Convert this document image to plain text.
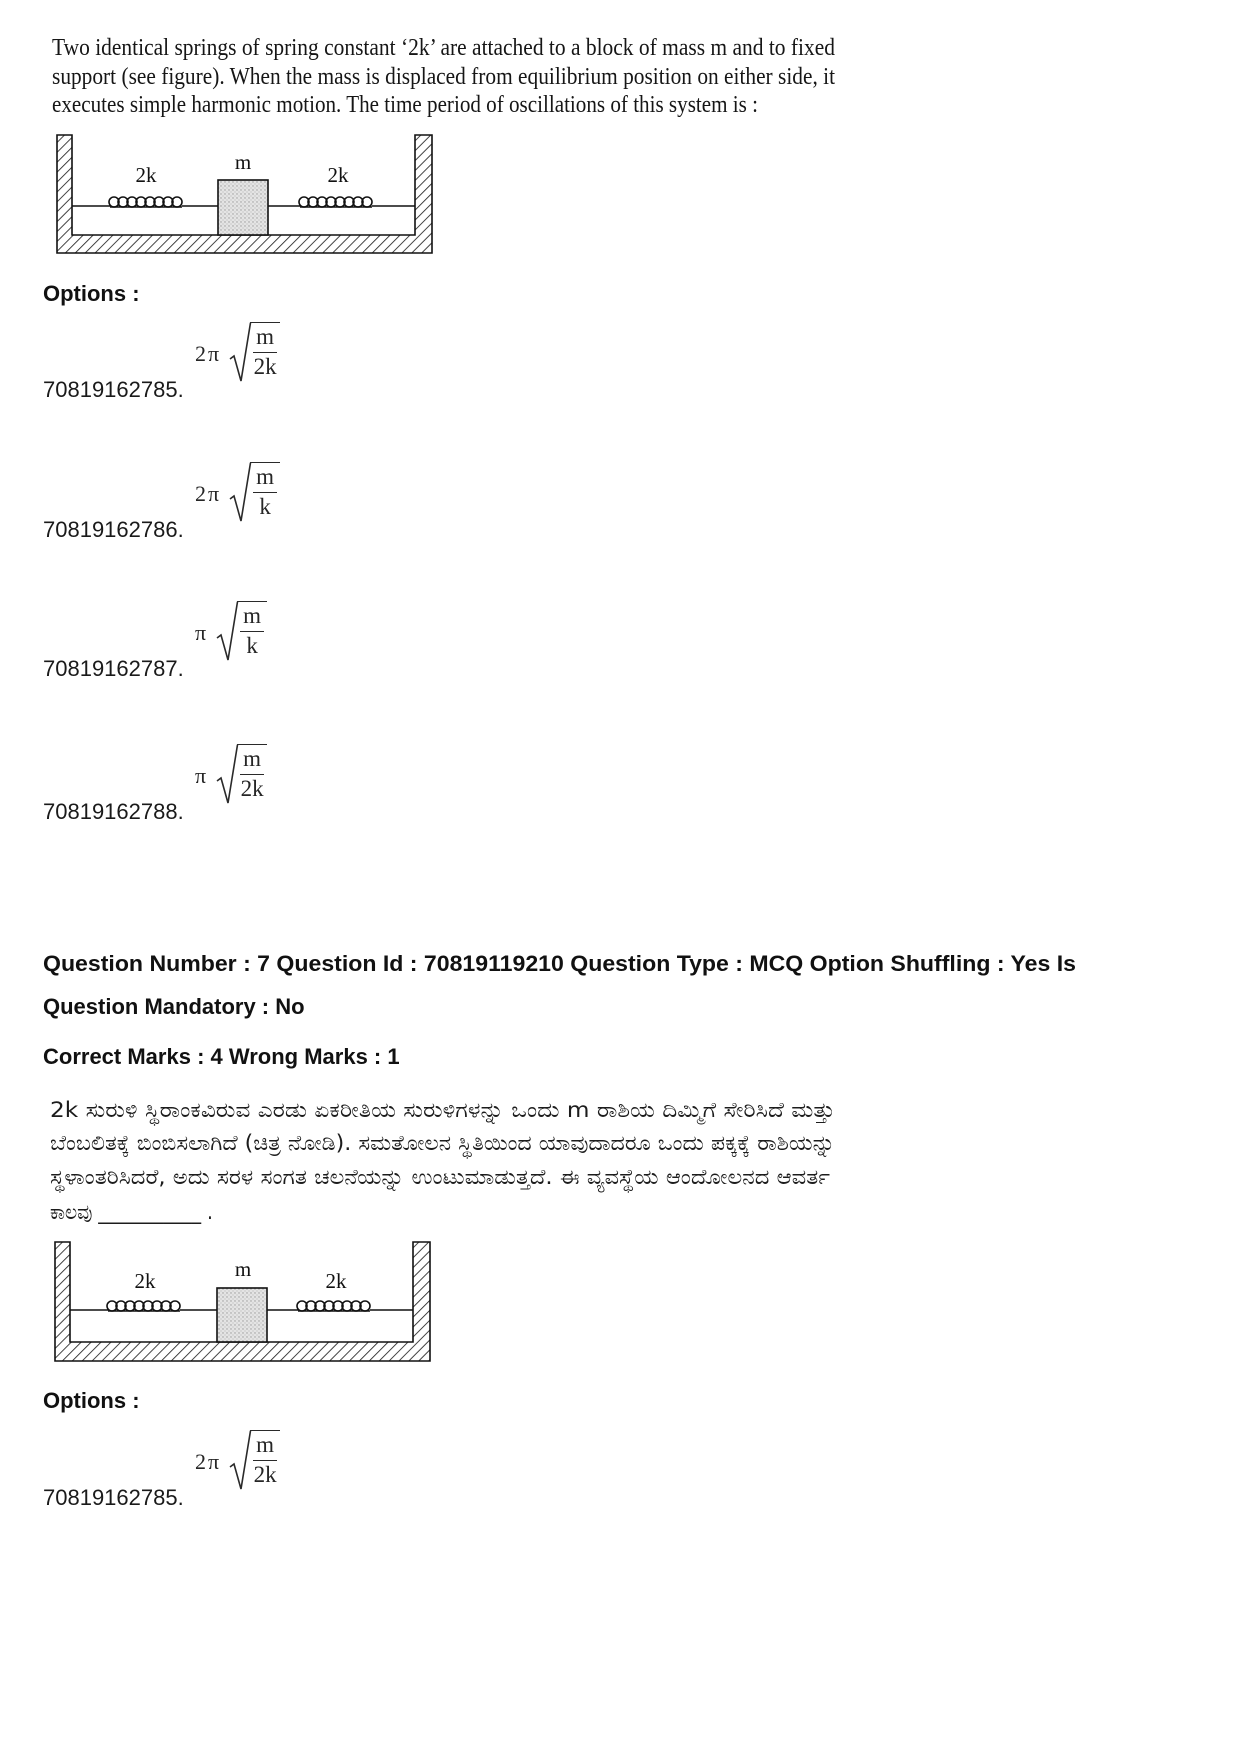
Two identical springs of spring constant ‘2k’ are attached to a block of mass m and to fixed
support (see figure). When the mass is displaced from equilibrium position on either side, it
executes simple harmonic motion. The time period of oscillations of this system is :
2k
m
2k
Options :
$2\pi \frac{m}{2k}$
70819162785.
$2\pi \frac{m}{k}$
70819162786.
π $\frac{m}{k}$
70819162787.
π $\frac{m}{2k}$
70819162788.
Question Number : 7 Question Id : 70819119210 Question Type : MCQ Option Shuffling : Yes Is
Question Mandatory : No
Correct Marks : 4 Wrong Marks : 1
2k ಸುರುಳಿ ಸ್ಥಿರಾಂಕವಿರುವ ಎರಡು ಏಕರೀತಿಯ ಸುರುಳಿಗಳನ್ನು ಒಂದು m ರಾಶಿಯ ದಿಮ್ಮಿಗೆ ಸೇರಿಸಿದೆ ಮತ್ತು
ಬೆಂಬಲಿತಕ್ಕೆ ಬಿಂಬಿಸಲಾಗಿದೆ (ಚಿತ್ರ ನೋಡಿ). ಸಮತೋಲನ ಸ್ಥಿತಿಯಿಂದ ಯಾವುದಾದರೂ ಒಂದು ಪಕ್ಕಕ್ಕೆ ರಾಶಿಯನ್ನು
ಸ್ಥಳಾಂತರಿಸಿದರೆ, ಅದು ಸರಳ ಸಂಗತ ಚಲನೆಯನ್ನು ಉಂಟುಮಾಡುತ್ತದೆ. ಈ ವ್ಯವಸ್ಥೆಯ ಆಂದೋಲನದ ಆವರ್ತ
ಕಾಲವು ___________ .
2k	m	2k
Options :
$2\pi \frac{m}{2k}$
70819162785.
